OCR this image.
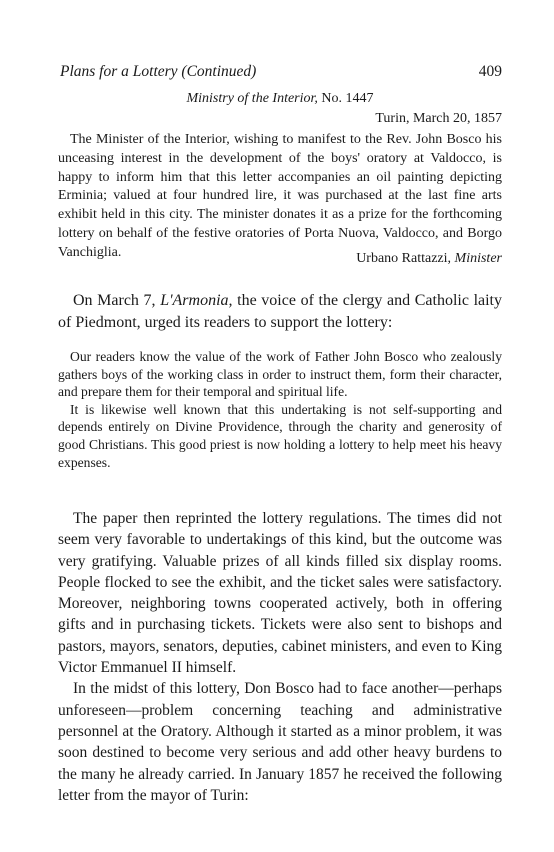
Plans for a Lottery (Continued)	409
Ministry of the Interior, No. 1447
Turin, March 20, 1857

The Minister of the Interior, wishing to manifest to the Rev. John Bosco his unceasing interest in the development of the boys' oratory at Valdocco, is happy to inform him that this letter accompanies an oil painting depicting Erminia; valued at four hundred lire, it was purchased at the last fine arts exhibit held in this city. The minister donates it as a prize for the forthcoming lottery on behalf of the festive oratories of Porta Nuova, Valdocco, and Borgo Vanchiglia.	Urbano Rattazzi, Minister

On March 7, L'Armonia, the voice of the clergy and Catholic laity of Piedmont, urged its readers to support the lottery:

Our readers know the value of the work of Father John Bosco who zealously gathers boys of the working class in order to instruct them, form their character, and prepare them for their temporal and spiritual life.

It is likewise well known that this undertaking is not self-supporting and depends entirely on Divine Providence, through the charity and generosity of good Christians. This good priest is now holding a lottery to help meet his heavy expenses.

The paper then reprinted the lottery regulations. The times did not seem very favorable to undertakings of this kind, but the outcome was very gratifying. Valuable prizes of all kinds filled six display rooms. People flocked to see the exhibit, and the ticket sales were satisfactory. Moreover, neighboring towns cooperated actively, both in offering gifts and in purchasing tickets. Tickets were also sent to bishops and pastors, mayors, senators, deputies, cabinet ministers, and even to King Victor Emmanuel II himself.

In the midst of this lottery, Don Bosco had to face another—perhaps unforeseen—problem concerning teaching and administrative personnel at the Oratory. Although it started as a minor problem, it was soon destined to become very serious and add other heavy burdens to the many he already carried. In January 1857 he received the following letter from the mayor of Turin:
